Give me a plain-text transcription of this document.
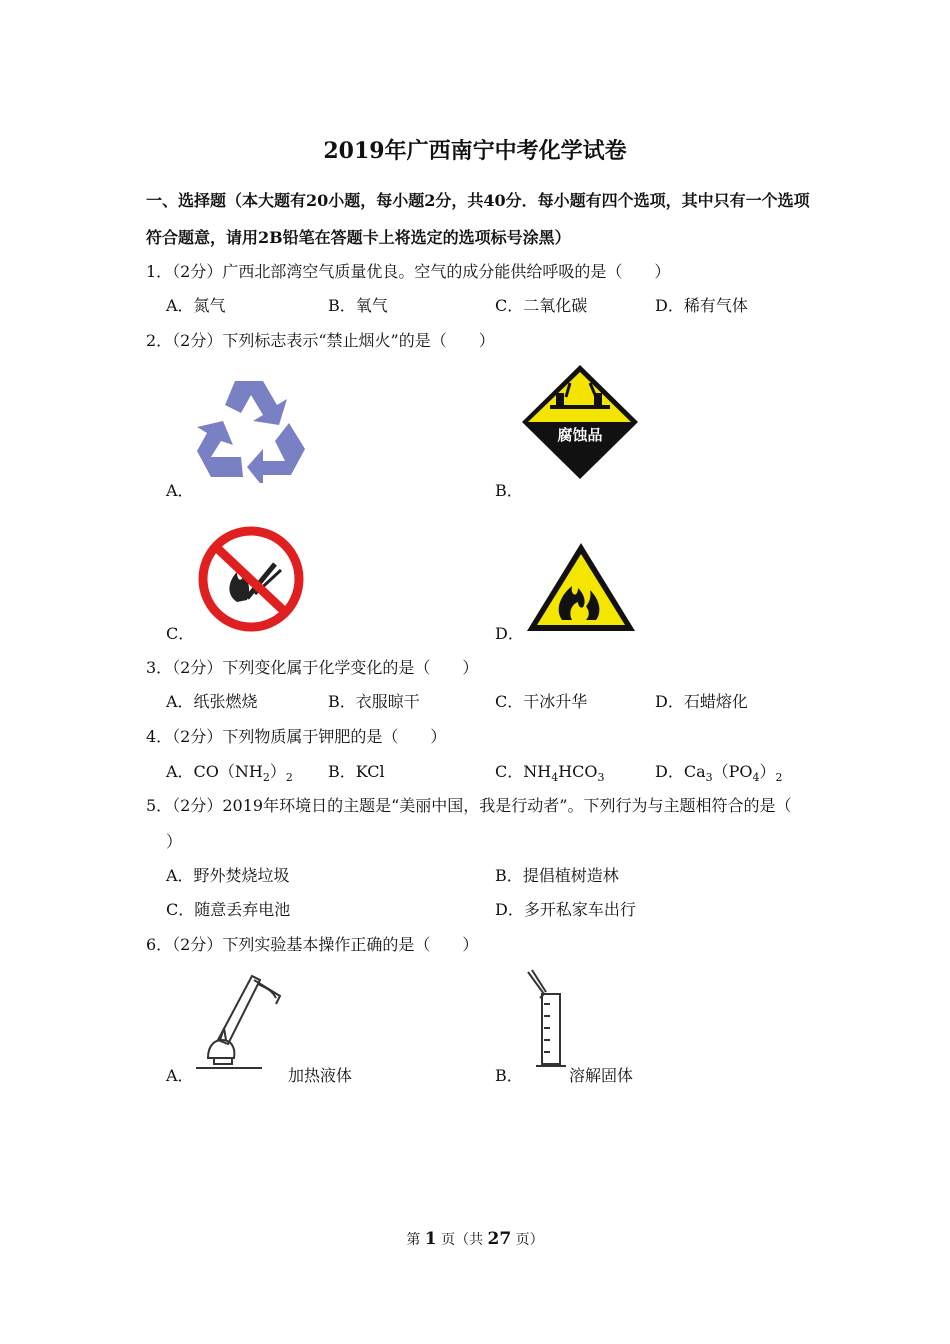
2019年广西南宁中考化学试卷
一、选择题（本大题有20小题，每小题2分，共40分．每小题有四个选项，其中只有一个选项
符合题意，请用2B铅笔在答题卡上将选定的选项标号涂黑）
1．（2分）广西北部湾空气质量优良。空气的成分能供给呼吸的是（　　）
A．氮气	B．氧气	C．二氧化碳	D．稀有气体
2．（2分）下列标志表示“禁止烟火”的是（　　）
A．
腐蚀品
B．
C．	D．
3．（2分）下列变化属于化学变化的是（　　）
A．纸张燃烧	B．衣服晾干	C．干冰升华	D．石蜡熔化
4．（2分）下列物质属于钾肥的是（　　）
A．$CO(NH_2)_2$ B．KCl	C．$NH_4HCO_3$	D．$Ca_3(PO_4)_2$
5．（2分）2019年环境日的主题是“美丽中国，我是行动者”。下列行为与主题相符合的是（
）
A．野外焚烧垃圾	B．提倡植树造林
C．随意丢弃电池	D．多开私家车出行
6．（2分）下列实验基本操作正确的是（　　）
A．	加热液体	B．	溶解固体
第 1 页（共 27 页）
